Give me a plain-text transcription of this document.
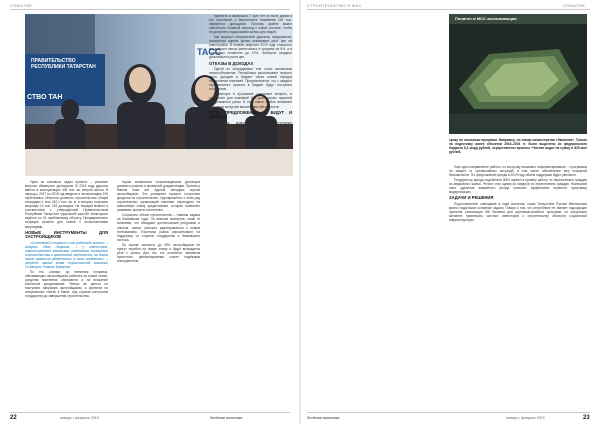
СОБЫТИЕ
ПРАВИТЕЛЬСТВО
РЕСПУБЛИКИ ТАТАРСТАН
СТВО ТАН
ТАСС

Одна из основных задач проекта – решение вопроса обманутых дольщиков. В 2018 году удалось ввести в эксплуатацию 436 тыс. кв. метров жилья. В период с 2017 по 2018 год введено в эксплуатацию 190 проблемных объектов долевого строительства общей площадью 1 млн 242,1 тыс. кв. м, в которых получили квартиры 14 тыс. 162 дольщика. На текущий момент в соответствии с утверждённой Правительством Республики Татарстан «дорожной картой» мониторинг ведётся по 31 проблемному объекту. Предварительно ситуация решена для семей с неоконченными квартирами.

НОВЫЕ ИНСТРУМЕНТЫ ДЛЯ ЗАСТРОЙЩИКОВ

«Системный в отрасли «что работать можно», – говорит Иван Гавриков, – у инвесторов, инвестиционные механизмы ипотечного жилищного строительства и финансовой готовности, на новом этапе развития уверенности в своих вложениях», – уверенно заявил глава строительной компании «Сайкорт» Рафиль Бикмулин.

По его словам, до внесения поправок, обязывающих застройщиков работать по новой схеме, средства населения облагаются и на вложение ипотечное кредитование. Теперь же деньги не поступают напрямую застройщикам, а хранятся на специальных счетах в банке, под строгим контролем государства до завершения строительства.

торам заниматься сопровождением договоров долевого участия и проверкой документации. Причем у банков пока нет единой методики оценки застройщиков. Это усложняет процесс получения кредитов на строительство. Одновременно с этим ряд строительных организаций начинает переходить на смешанную схему кредитования, которая позволяет развивать проекты постепенно.

Сохранить объем строительства – главная задача на ближайшие годы. По мнению экспертов, лишь те компании, что обладают достаточными ресурсами и опытом, смогут успешно адаптироваться к новым требованиям. Участники рынка рассчитывают на поддержку со стороны государства и банковского сектора.

По оценке эксперта, до 35% застройщиков не смогут перейти на новую схему и будут вынуждены уйти с рынка. Для тех, кто останется, механизм проектного финансирования станет надёжным инструментом.

принести в замерзших 7 мин лет по воле домов в его поселений, к вероятности появления 140 тыс. обманутых дольщиков. Поэтому крайне важно обеспечить плавный переход к новой системе, чтобы не допустить подорожания жилья для людей.

Как выразил генеральный директор предприятия, экспертная оценка рынка показывает рост цен на новостройки. В первом квартале 2019 года стоимость квадратного метра увеличилась в среднем на 6%, а в отдельных сегментах до 10%. Эксперты ожидают дальнейшего роста цен.

ОТКАЗЫ В ДОХОДАХ

Одной из обсуждаемых тем стали механизмы налогообложения. Республика рассчитывает вернуть часть доходов в бюджет через новый порядок поступления платежей. Предполагается, что с каждого строительного проекта в бюджет будут поступать отчисления.

Инвесторы в программе сохраняют интерес, в результате для компаний без достаточных гарантий продолжаются риски. В этой связи особое внимание уделяется контролю выполнения обязательств.

ЕСТЬ ПРЕДЛОЖЕНИЯ – БУДУТ И ДЕНЬГИ

Значимым моментом стало выступление генерального директора фонда содействия ЖКХ Константина Цицина. Он высказался в поддержку введения новых стандартов для отрасли, а также об усилении контроля за расходованием средств.

22	январь • февраль 2019	Зелёная политика
СТРОИТЕЛЬСТВО И ЖКХ	СОБЫТИЕ
Полигон ж МСС экоткомпакция
сроку по несколько программ. Например, по линии министерства «Экология». Только на подготовку ранее объектов 2016–2024 гг. было выделено из федерального бюджета 8,2 млрд рублей, осуществлены проекты «Чистая вода» на сумму в 825 млн рублей.

Еще одно направление работы, по которому возможно софинансирование, – программы по защите от чрезвычайных ситуаций, в том числе обеспечение мер пожарной безопасности. По предложению фонда в 2019 году объём поддержки будет увеличен.

Гендиректор фонда содействия ЖКХ привел в пример работу по переселению граждан из аварийного жилья. Регион стал одним из лидеров по переселению граждан. Нынешний опыт удаления аварийного фонда позволит эффективно провести программу модернизации.

ЗАДАЧИ И РЕШЕНИЯ

Подготовленное совещание в ходе коллегии, глава Татарстана Рустам Минниханов кратко подытожил основные задачи. Говоря о том, что республике не хватает подходящих проектов реализации ЖК баланса для крупномасштабных программ, он предложил активнее привлекать частных инвесторов к строительству объектов социальной инфраструктуры.

Зелёная политика	январь • февраль 2019	23
